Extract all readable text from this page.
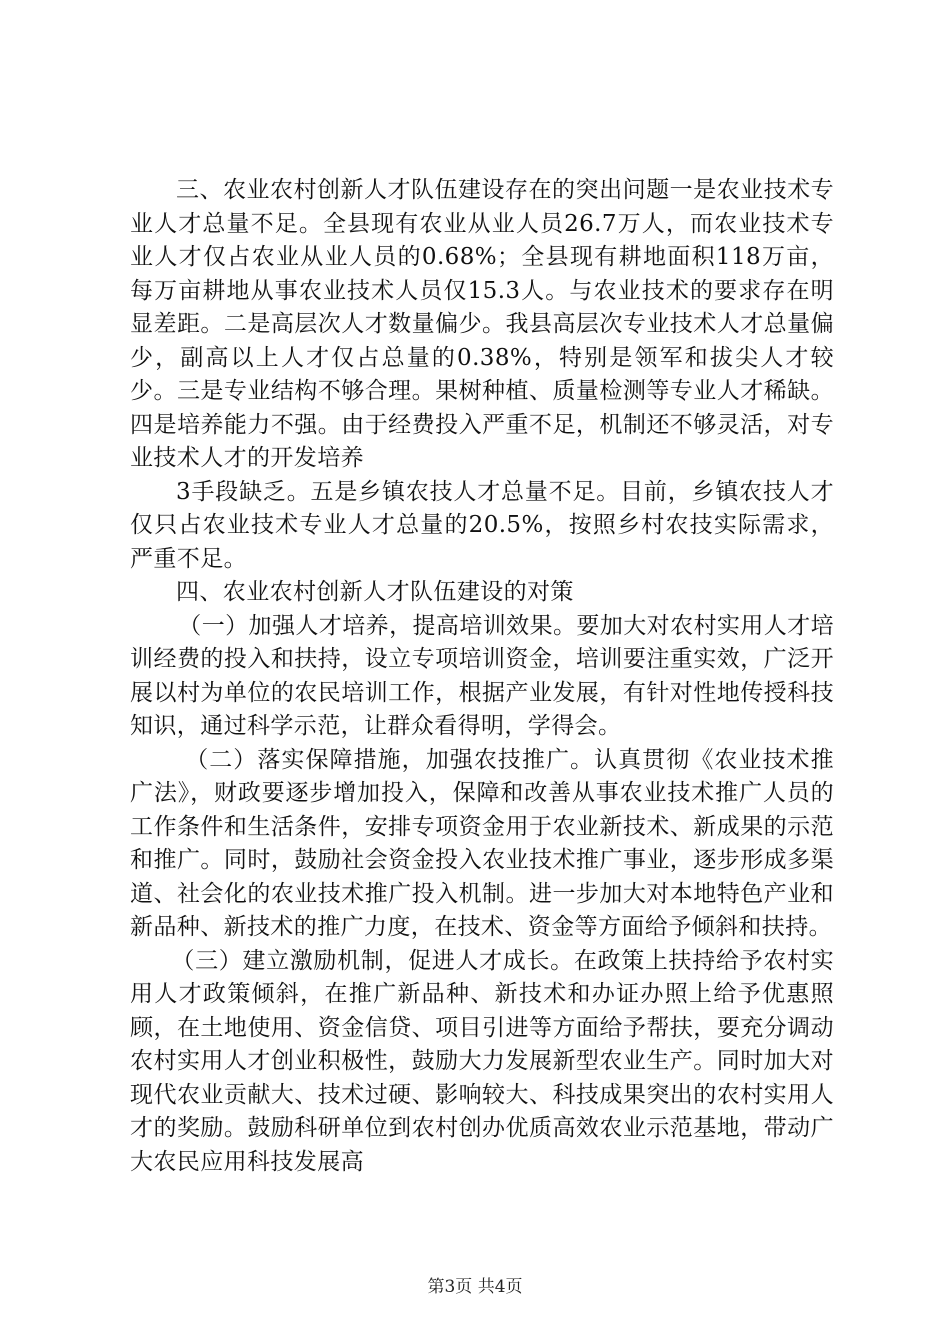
三、农业农村创新人才队伍建设存在的突出问题一是农业技术专业人才总量不足。全县现有农业从业人员26.7万人，而农业技术专业人才仅占农业从业人员的0.68%；全县现有耕地面积118万亩，每万亩耕地从事农业技术人员仅15.3人。与农业技术的要求存在明显差距。二是高层次人才数量偏少。我县高层次专业技术人才总量偏少，副高以上人才仅占总量的0.38%，特别是领军和拔尖人才较少。三是专业结构不够合理。果树种植、质量检测等专业人才稀缺。四是培养能力不强。由于经费投入严重不足，机制还不够灵活，对专业技术人才的开发培养

3手段缺乏。五是乡镇农技人才总量不足。目前，乡镇农技人才仅只占农业技术专业人才总量的20.5%，按照乡村农技实际需求，严重不足。

四、农业农村创新人才队伍建设的对策

（一）加强人才培养，提高培训效果。要加大对农村实用人才培训经费的投入和扶持，设立专项培训资金，培训要注重实效，广泛开展以村为单位的农民培训工作，根据产业发展，有针对性地传授科技知识，通过科学示范，让群众看得明，学得会。

（二）落实保障措施，加强农技推广。认真贯彻《农业技术推广法》，财政要逐步增加投入，保障和改善从事农业技术推广人员的工作条件和生活条件，安排专项资金用于农业新技术、新成果的示范和推广。同时，鼓励社会资金投入农业技术推广事业，逐步形成多渠道、社会化的农业技术推广投入机制。进一步加大对本地特色产业和新品种、新技术的推广力度，在技术、资金等方面给予倾斜和扶持。

（三）建立激励机制，促进人才成长。在政策上扶持给予农村实用人才政策倾斜，在推广新品种、新技术和办证办照上给予优惠照顾，在土地使用、资金信贷、项目引进等方面给予帮扶，要充分调动农村实用人才创业积极性，鼓励大力发展新型农业生产。同时加大对现代农业贡献大、技术过硬、影响较大、科技成果突出的农村实用人才的奖励。鼓励科研单位到农村创办优质高效农业示范基地，带动广大农民应用科技发展高

第3页 共4页
